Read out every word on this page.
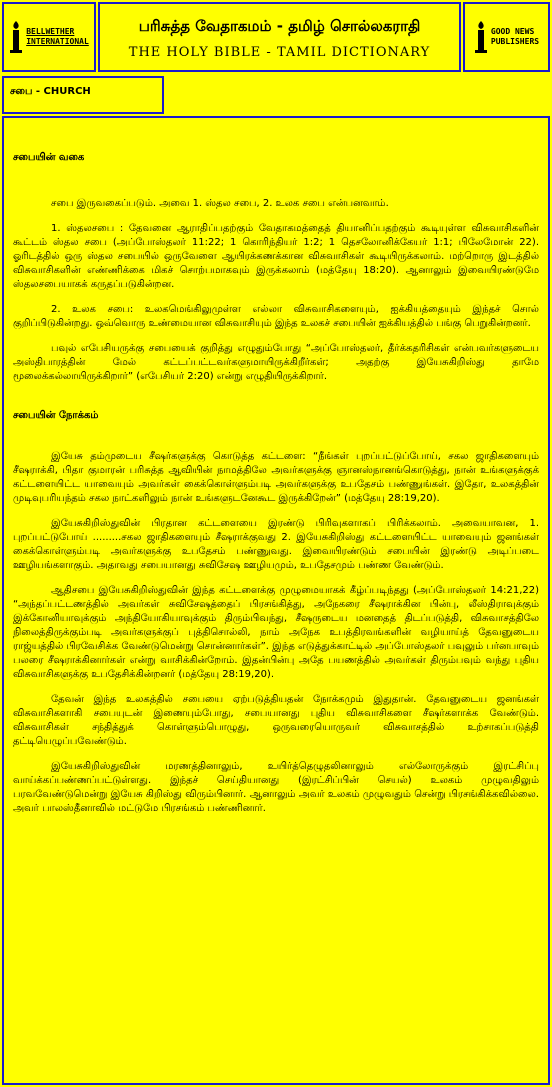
BELLWETHER
INTERNATIONAL
பரிசுத்த வேதாகமம் - தமிழ் சொல்லகராதி
THE HOLY BIBLE - TAMIL DICTIONARY
GOOD NEWS
PUBLISHERS
சபை - CHURCH
சபையின் வகை

சபை இருவகைப்படும். அவை 1. ஸ்தல சபை, 2. உலக சபை என்பனவாம்.

1. ஸ்தலசபை : தேவனை ஆராதிப்பதற்கும் வேதாகமத்தைத் தியானிப்பதற்கும் கூடியுள்ள விசுவாசிகளின் கூட்டம் ஸ்தல சபை (அப்போஸ்தலர் 11:22; 1 கொரிந்தியர் 1:2; 1 தெசலோனிக்கேயர் 1:1; பிலேமோன் 22). ஓரிடத்தில் ஒரு ஸ்தல சபையில் ஒருவேளை ஆயிரக்கணக்கான விசுவாசிகள் கூடியிருக்கலாம். மற்றொரு இடத்தில் விசுவாசிகளின் எண்ணிக்கை மிகச் சொற்பமாகவும் இருக்கலாம் (மத்தேயு 18:20). ஆனாலும் இவையிரண்டுமே ஸ்தலசபையாகக் கருதப்படுகின்றன.

2. உலக சபை: உலகமெங்கிலுமுள்ள எல்லா விசுவாசிகளையும், ஐக்கியத்தையும் இந்தச் சொல் குறிப்பிடுகின்றது. ஒவ்வொரு உண்மையான விசுவாசியும் இந்த உலகச் சபையின் ஐக்கியத்தில் பங்கு பெறுகின்றனர்.

பவுல் எபேசியருக்கு சபையைக் குறித்து எழுதும்போது “அப்போஸ்தலர், தீர்க்கதரிசிகள் என்பவர்களுடைய அஸ்திபாரத்தின் மேல் கட்டப்பட்டவர்களுமாயிருக்கிறீர்கள்; அதற்கு இயேசுகிறிஸ்து தாமே மூலைக்கல்லாயிருக்கிறார்” (எபேசியர் 2:20) என்று எழுதியிருக்கிறார்.

சபையின் நோக்கம்

இயேசு தம்முடைய சீஷர்களுக்கு கொடுத்த கட்டளை: “நீங்கள் புறப்பட்டுப்போய், சகல ஜாதிகளையும் சீஷராக்கி, பிதா குமாரன் பரிசுத்த ஆவியின் நாமத்திலே அவர்களுக்கு ஞானஸ்நானங்கொடுத்து, நான் உங்களுக்குக் கட்டளையிட்ட யாவையும் அவர்கள் கைக்கொள்ளும்படி அவர்களுக்கு உபதேசம் பண்ணுங்கள். இதோ, உலகத்தின் முடிவுபரியந்தம் சகல நாட்களிலும் நான் உங்களுடனேகூட இருக்கிறேன்” (மத்தேயு 28:19,20).

இயேசுகிறிஸ்துவின் பிரதான கட்டளையை இரண்டு பிரிவுகளாகப் பிரிக்கலாம். அவையாவன, 1. புறப்பட்டுபோய் .........சகல ஜாதிகளையும் சீஷராக்குவது 2. இயேசுகிறிஸ்து கட்டளையிட்ட யாவையும் ஜனங்கள் கைக்கொள்ளும்படி அவர்களுக்கு உபதேசம் பண்ணுவது. இவையிரண்டும் சபையின் இரண்டு அடிப்படை ஊழியங்களாகும். அதாவது சபையானது சுவிசேஷ ஊழியமும், உபதேசமும் பண்ண வேண்டும்.

ஆதிசபை இயேசுகிறிஸ்துவின் இந்த கட்டளைக்கு முழுமையாகக் கீழ்ப்படிந்தது (அப்போஸ்தலர் 14:21,22) “அந்தப்பட்டணத்தில் அவர்கள் சுவிசேஷத்தைப் பிரசங்கித்து, அநேகரை சீஷராக்கின பின்பு, லீஸ்திராவுக்கும் இக்கோனியாவுக்கும் அந்தியோகியாவுக்கும் திரும்பிவந்து, சீஷருடைய மனதைத் திடப்படுத்தி, விசுவாசத்திலே நிலைத்திருக்கும்படி அவர்களுக்குப் புத்திசொல்லி, நாம் அநேக உபத்திரவங்களின் வழியாய்த் தேவனுடைய ராஜ்யத்தில் பிரவேசிக்க வேண்டுமென்று சொன்னார்கள்”. இந்த எடுத்துக்காட்டில் அப்போஸ்தலர் பவுலும் பர்னபாவும் பலரை சீஷராக்கினார்கள் என்று வாசிக்கின்றோம். இதன்பின்பு அதே பயணத்தில் அவர்கள் திரும்பவும் வந்து புதிய விசுவாசிகளுக்கு உபதேசிக்கின்றனர் (மத்தேயு 28:19,20).

தேவன் இந்த உலகத்தில் சபையை ஏற்படுத்தியதன் நோக்கமும் இதுதான். தேவனுடைய ஜனங்கள் விசுவாசிகளாகி சபையுடன் இணையும்போது, சபையானது புதிய விசுவாசிகளை சீஷர்களாக்க வேண்டும். விசுவாசிகள் சந்தித்துக் கொள்ளும்பொழுது, ஒருவரையொருவர் விசுவாசத்தில் உற்சாகப்படுத்தி தட்டியெழுப்பவேண்டும்.

இயேசுகிறிஸ்துவின் மரணத்தினாலும், உயிர்த்தெழுதலினாலும் எல்லோருக்கும் இரட்சிப்பு வாய்க்கப்பண்ணப்பட்டுள்ளது. இந்தச் செய்தியானது (இரட்சிப்பின் செயல்) உலகம் முழுவதிலும் பரவவேண்டுமென்று இயேசு கிறிஸ்து விரும்பினார். ஆனாலும் அவர் உலகம் முழுவதும் சென்று பிரசங்கிக்கவில்லை. அவர் பாலஸ்தீனாவில் மட்டுமே பிரசங்கம் பண்ணினார்.
